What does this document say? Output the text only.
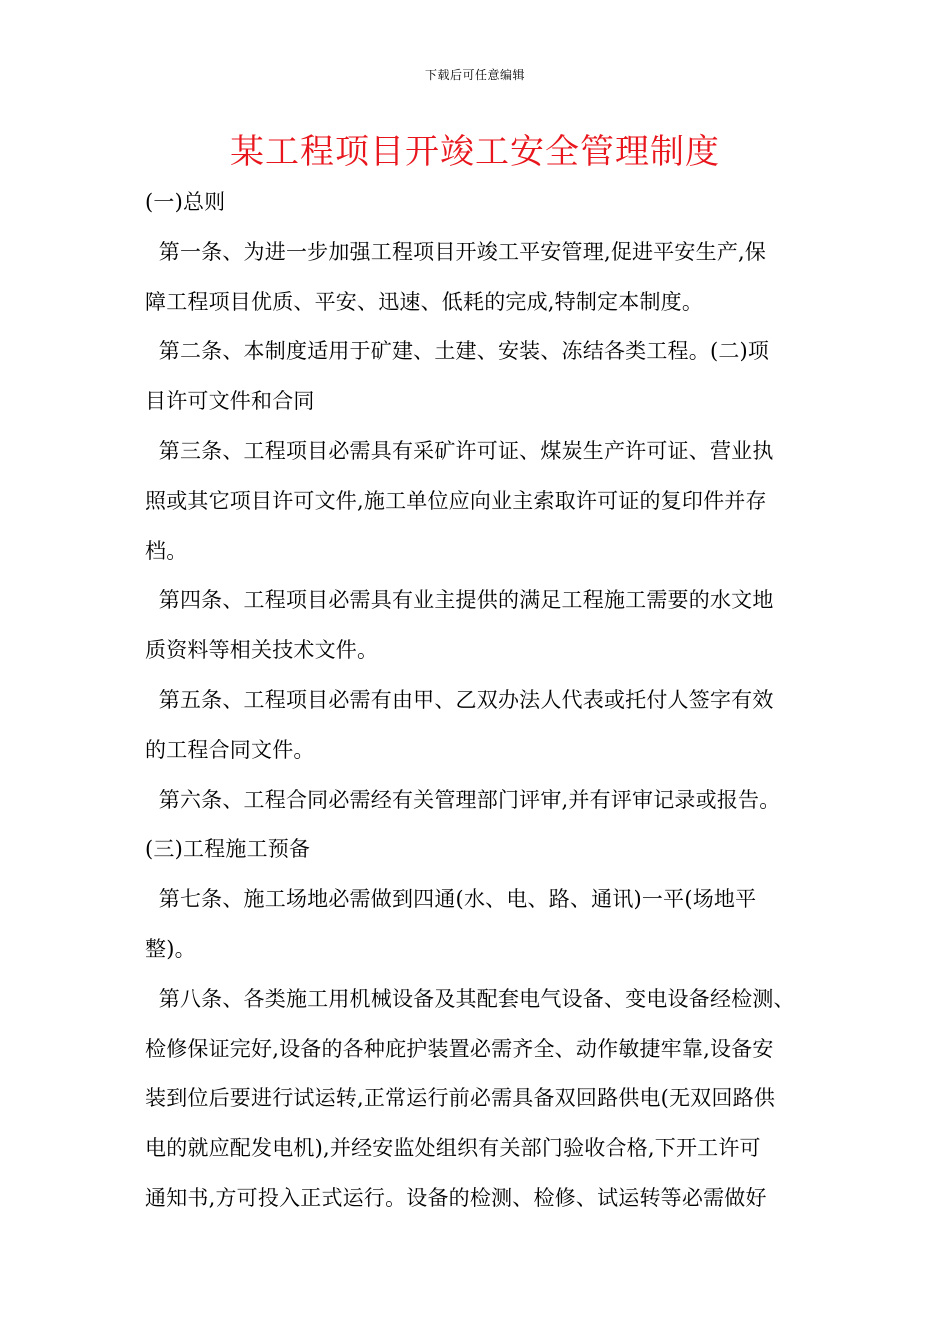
下载后可任意编辑
某工程项目开竣工安全管理制度
(一)总则
第一条、为进一步加强工程项目开竣工平安管理,促进平安生产,保
障工程项目优质、平安、迅速、低耗的完成,特制定本制度。
第二条、本制度适用于矿建、土建、安装、冻结各类工程。(二)项
目许可文件和合同
第三条、工程项目必需具有采矿许可证、煤炭生产许可证、营业执
照或其它项目许可文件,施工单位应向业主索取许可证的复印件并存
档。
第四条、工程项目必需具有业主提供的满足工程施工需要的水文地
质资料等相关技术文件。
第五条、工程项目必需有由甲、乙双办法人代表或托付人签字有效
的工程合同文件。
第六条、工程合同必需经有关管理部门评审,并有评审记录或报告。
(三)工程施工预备
第七条、施工场地必需做到四通(水、电、路、通讯)一平(场地平
整)。
第八条、各类施工用机械设备及其配套电气设备、变电设备经检测、
检修保证完好,设备的各种庇护装置必需齐全、动作敏捷牢靠,设备安
装到位后要进行试运转,正常运行前必需具备双回路供电(无双回路供
电的就应配发电机),并经安监处组织有关部门验收合格,下开工许可
通知书,方可投入正式运行。设备的检测、检修、试运转等必需做好
